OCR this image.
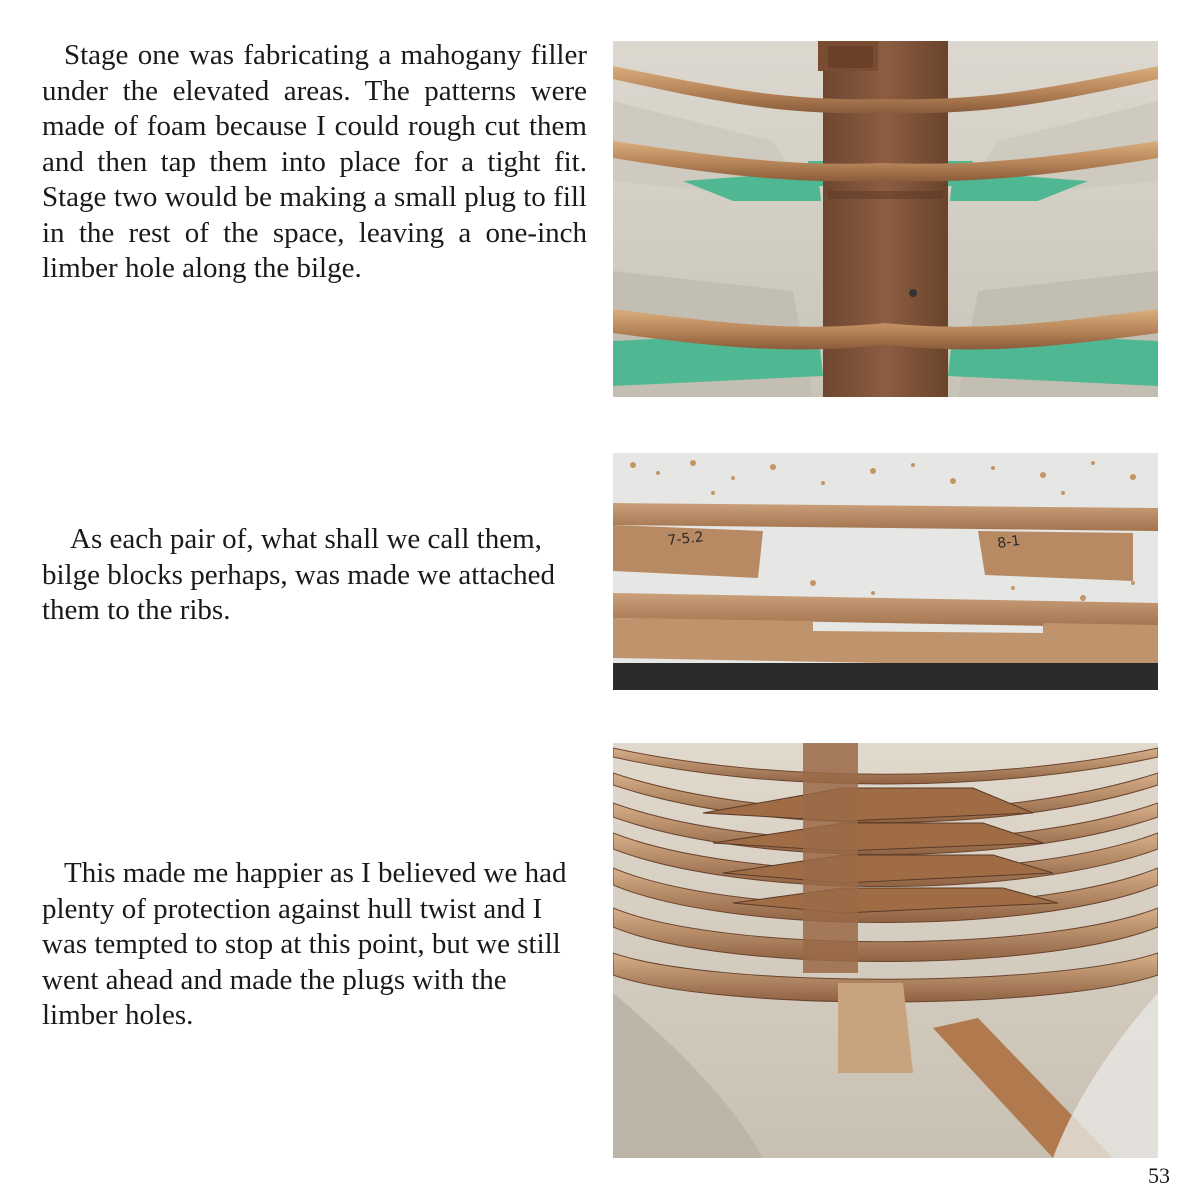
Stage one was fabricating a mahogany filler under the elevated areas. The patterns were made of foam because I could rough cut them and then tap them into place for a tight fit. Stage two would be making a small plug to fill in the rest of the space, leaving a one-inch limber hole along the bilge.

As each pair of, what shall we call them, bilge blocks perhaps, was made we attached them to the ribs.

7-5.2	8-1

This made me happier as I believed we had plenty of protection against hull twist and I was tempted to stop at this point, but we still went ahead and made the plugs with the limber holes.

53
